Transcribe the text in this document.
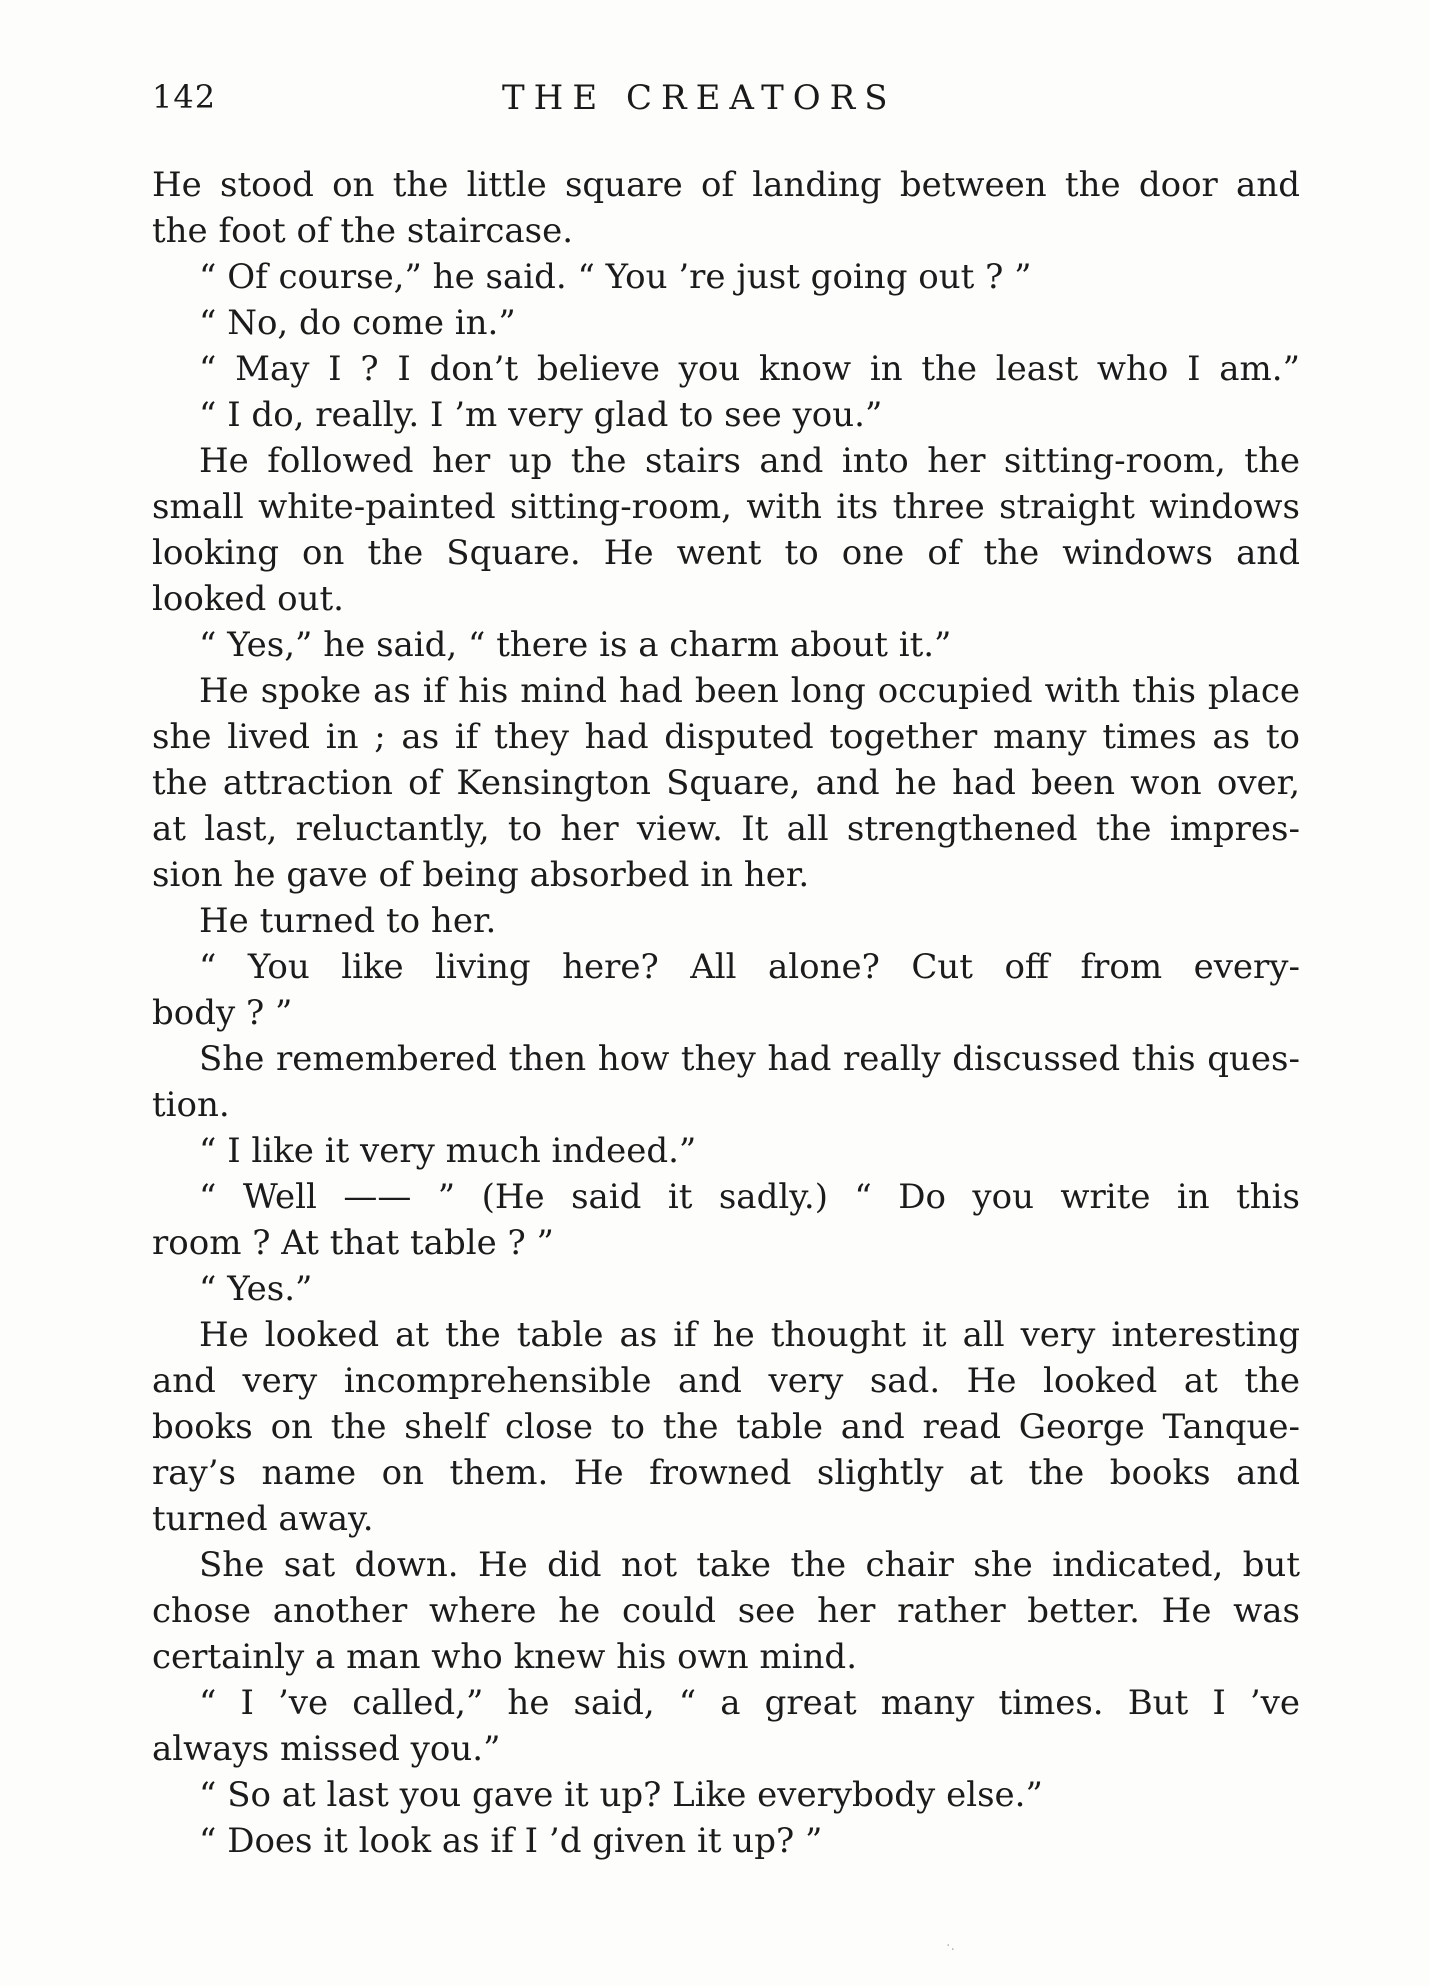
142	THE CREATORS
He stood on the little square of landing between the door and
the foot of the staircase.
“ Of course,” he said. “ You ’re just going out ? ”
“ No, do come in.”
“ May I ? I don’t believe you know in the least who I am.”
“ I do, really. I ’m very glad to see you.”
He followed her up the stairs and into her sitting-room, the
small white-painted sitting-room, with its three straight windows
looking on the Square. He went to one of the windows and
looked out.
“ Yes,” he said, “ there is a charm about it.”
He spoke as if his mind had been long occupied with this place
she lived in ; as if they had disputed together many times as to
the attraction of Kensington Square, and he had been won over,
at last, reluctantly, to her view. It all strengthened the impres-
sion he gave of being absorbed in her.
He turned to her.
“ You like living here? All alone? Cut off from every-
body ? ”
She remembered then how they had really discussed this ques-
tion.
“ I like it very much indeed.”
“ Well —— ” (He said it sadly.) “ Do you write in this
room ? At that table ? ”
“ Yes.”
He looked at the table as if he thought it all very interesting
and very incomprehensible and very sad. He looked at the
books on the shelf close to the table and read George Tanque-
ray’s name on them. He frowned slightly at the books and
turned away.
She sat down. He did not take the chair she indicated, but
chose another where he could see her rather better. He was
certainly a man who knew his own mind.
“ I ’ve called,” he said, “ a great many times. But I ’ve
always missed you.”
“ So at last you gave it up? Like everybody else.”
“ Does it look as if I ’d given it up? ”
·.
